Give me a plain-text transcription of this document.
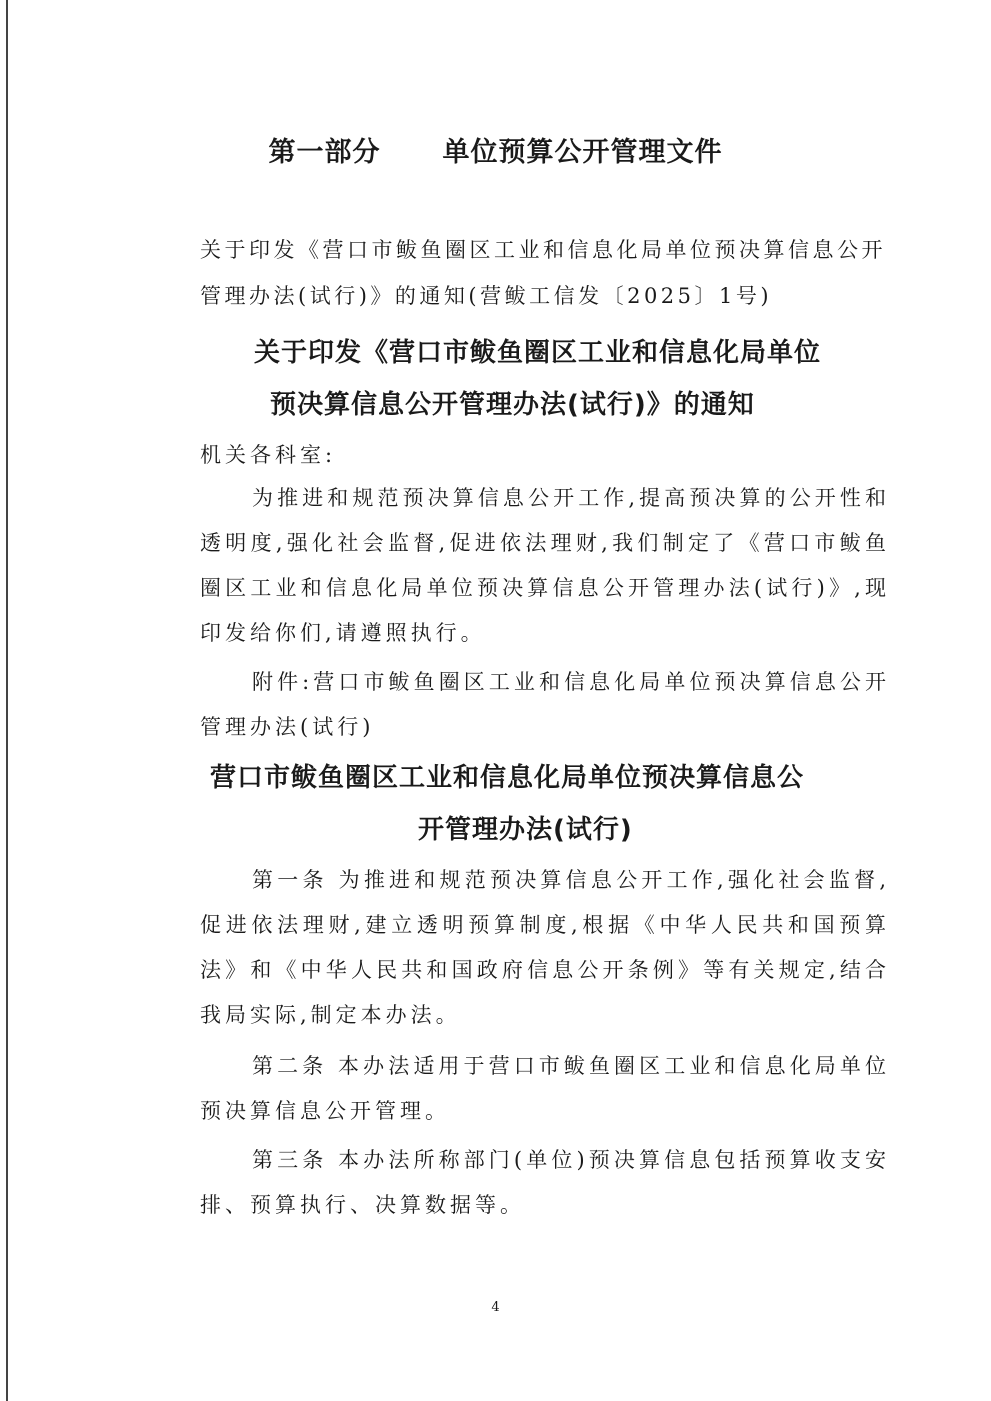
第一部分 单位预算公开管理文件
关于印发《营口市鲅鱼圈区工业和信息化局单位预决算信息公开管理办法(试行)》的通知(营鲅工信发〔2025〕1号)
关于印发《营口市鲅鱼圈区工业和信息化局单位
预决算信息公开管理办法(试行)》的通知

机关各科室:

为推进和规范预决算信息公开工作,提高预决算的公开性和透明度,强化社会监督,促进依法理财,我们制定了《营口市鲅鱼圈区工业和信息化局单位预决算信息公开管理办法(试行)》,现印发给你们,请遵照执行。

附件:营口市鲅鱼圈区工业和信息化局单位预决算信息公开管理办法(试行)

营口市鲅鱼圈区工业和信息化局单位预决算信息公
开管理办法(试行)

第一条 为推进和规范预决算信息公开工作,强化社会监督,促进依法理财,建立透明预算制度,根据《中华人民共和国预算法》和《中华人民共和国政府信息公开条例》等有关规定,结合我局实际,制定本办法。

第二条 本办法适用于营口市鲅鱼圈区工业和信息化局单位预决算信息公开管理。

第三条 本办法所称部门(单位)预决算信息包括预算收支安排、预算执行、决算数据等。

4
